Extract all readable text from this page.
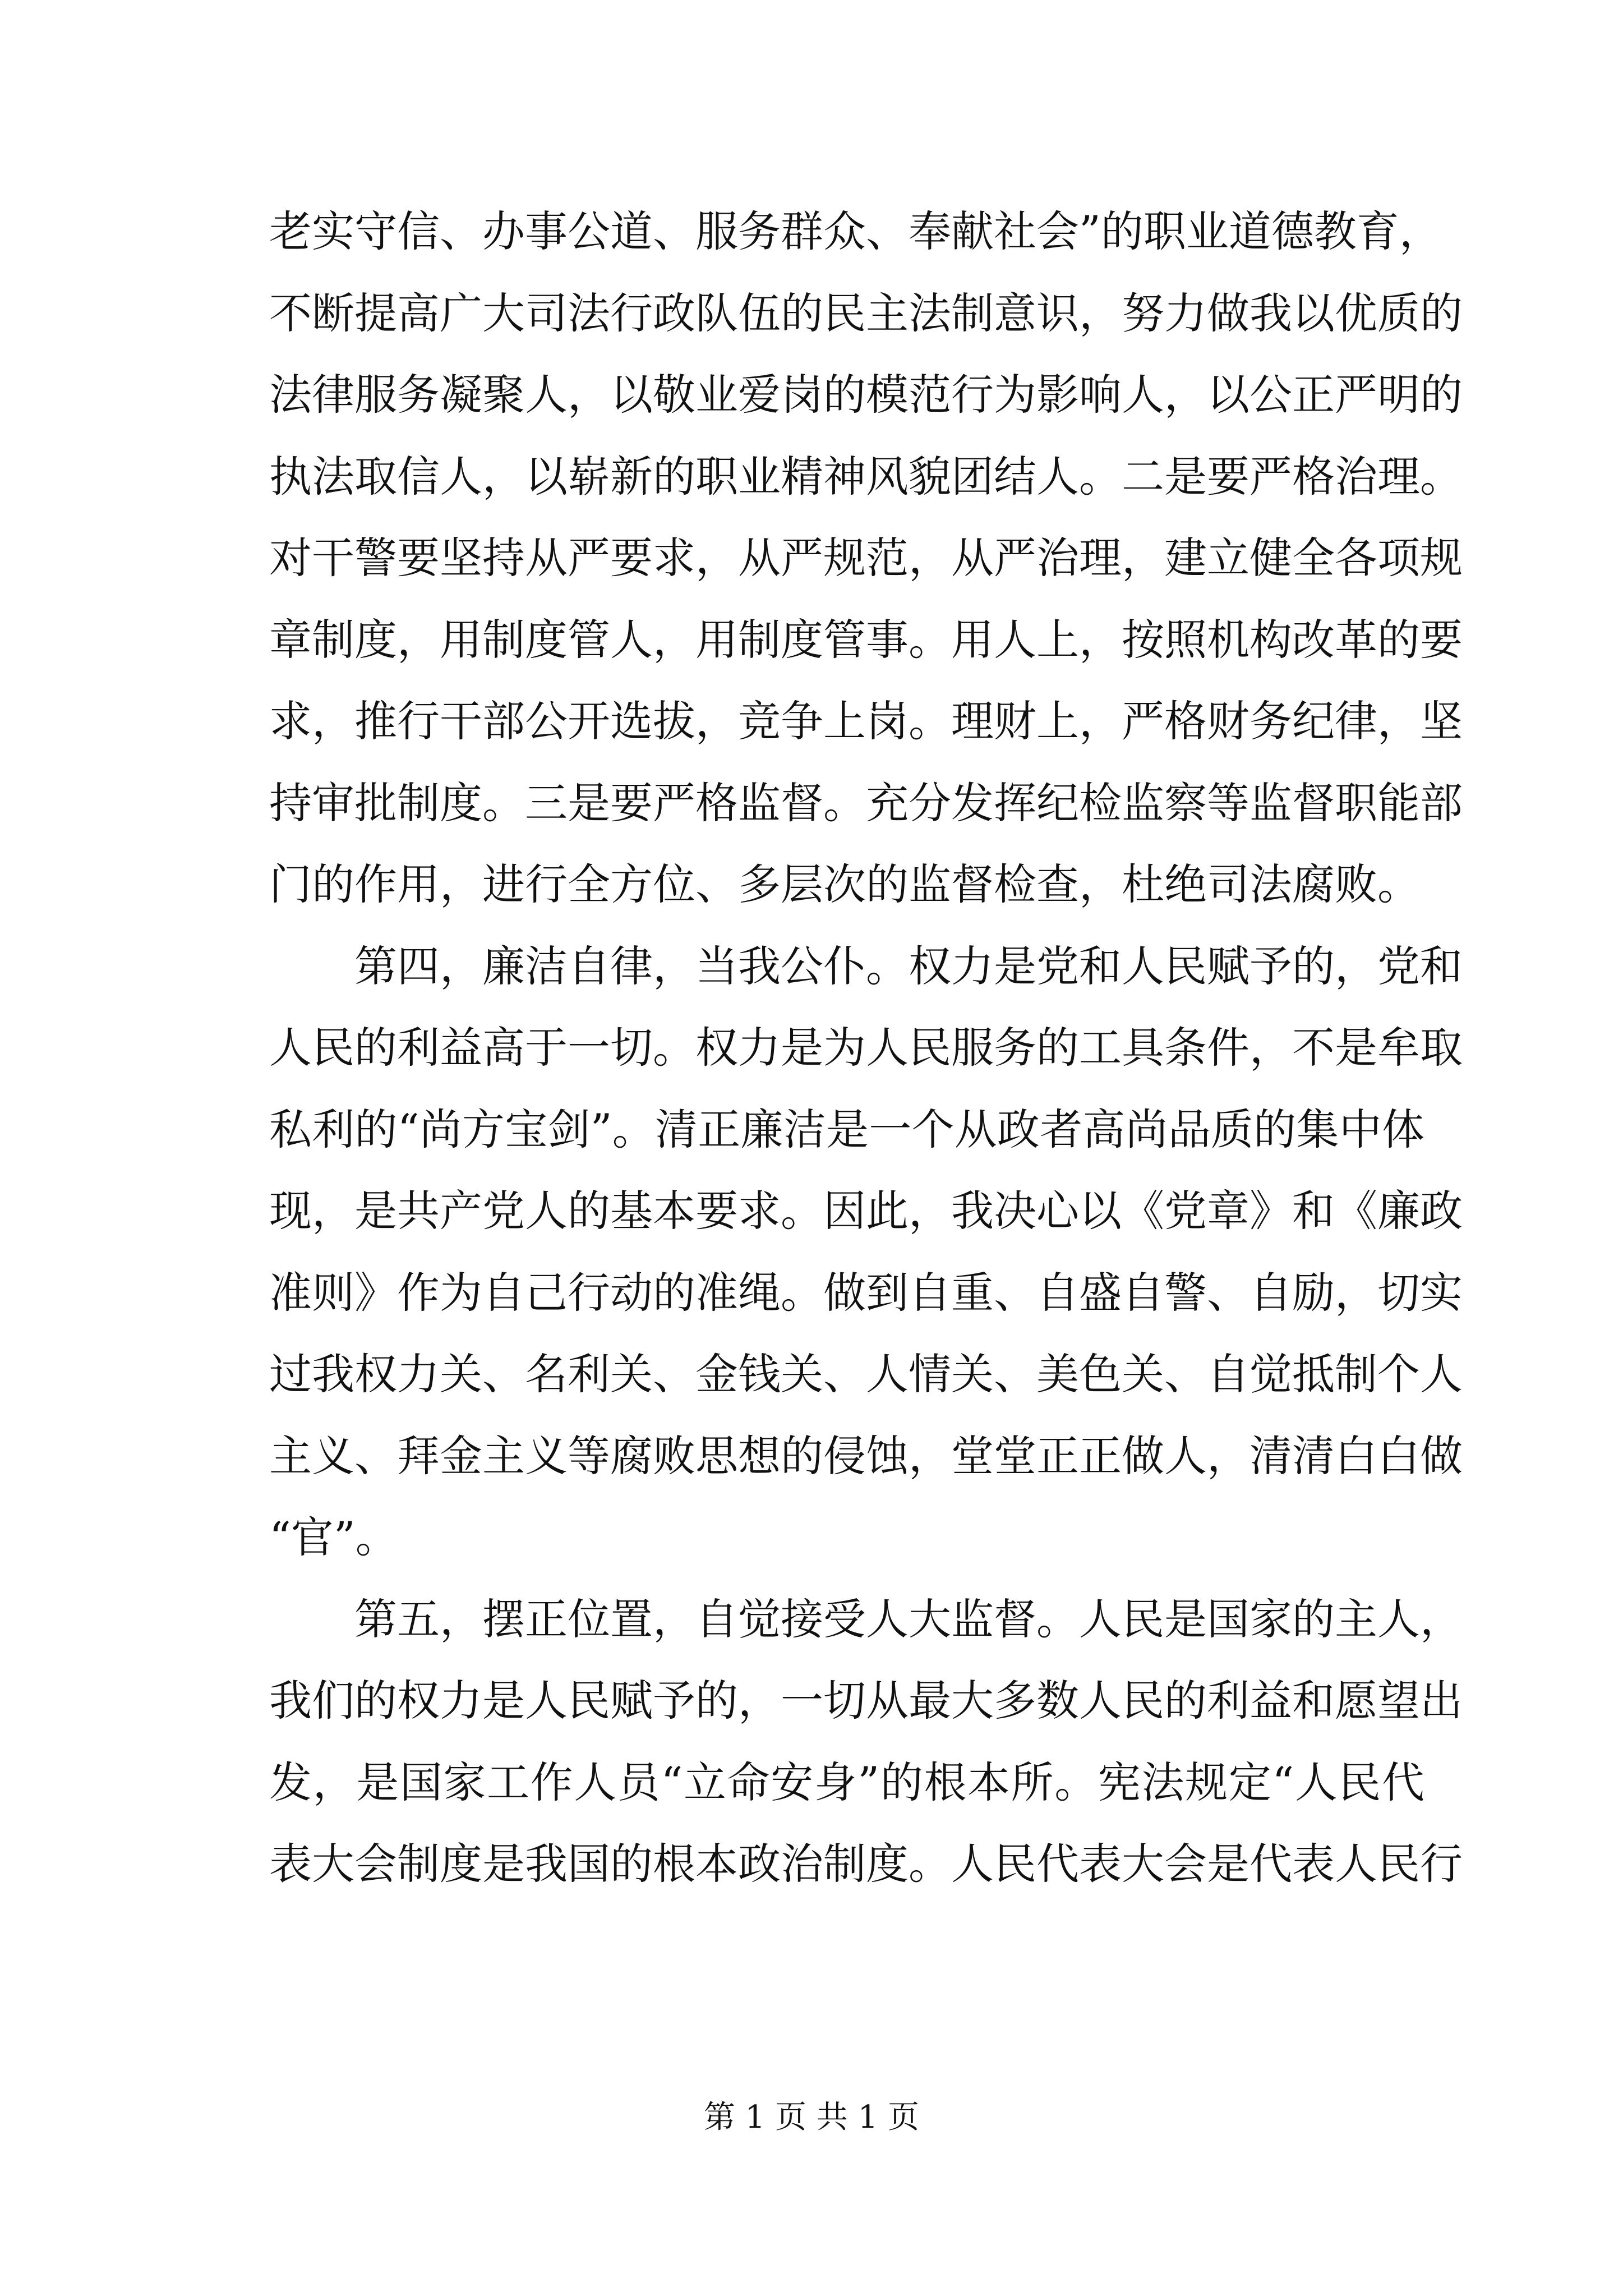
老实守信、办事公道、服务群众、奉献社会”的职业道德教育，
不断提高广大司法行政队伍的民主法制意识，努力做我以优质的
法律服务凝聚人，以敬业爱岗的模范行为影响人，以公正严明的
执法取信人，以崭新的职业精神风貌团结人。二是要严格治理。
对干警要坚持从严要求，从严规范，从严治理，建立健全各项规
章制度，用制度管人，用制度管事。用人上，按照机构改革的要
求，推行干部公开选拔，竞争上岗。理财上，严格财务纪律，坚
持审批制度。三是要严格监督。充分发挥纪检监察等监督职能部
门的作用，进行全方位、多层次的监督检查，杜绝司法腐败。
第四，廉洁自律，当我公仆。权力是党和人民赋予的，党和
人民的利益高于一切。权力是为人民服务的工具条件，不是牟取
私利的“尚方宝剑”。清正廉洁是一个从政者高尚品质的集中体
现，是共产党人的基本要求。因此，我决心以《党章》和《廉政
准则》作为自己行动的准绳。做到自重、自盛自警、自励，切实
过我权力关、名利关、金钱关、人情关、美色关、自觉抵制个人
主义、拜金主义等腐败思想的侵蚀，堂堂正正做人，清清白白做
“官”。
第五，摆正位置，自觉接受人大监督。人民是国家的主人，
我们的权力是人民赋予的，一切从最大多数人民的利益和愿望出
发，是国家工作人员“立命安身”的根本所。宪法规定“人民代
表大会制度是我国的根本政治制度。人民代表大会是代表人民行
第 1 页 共 1 页
